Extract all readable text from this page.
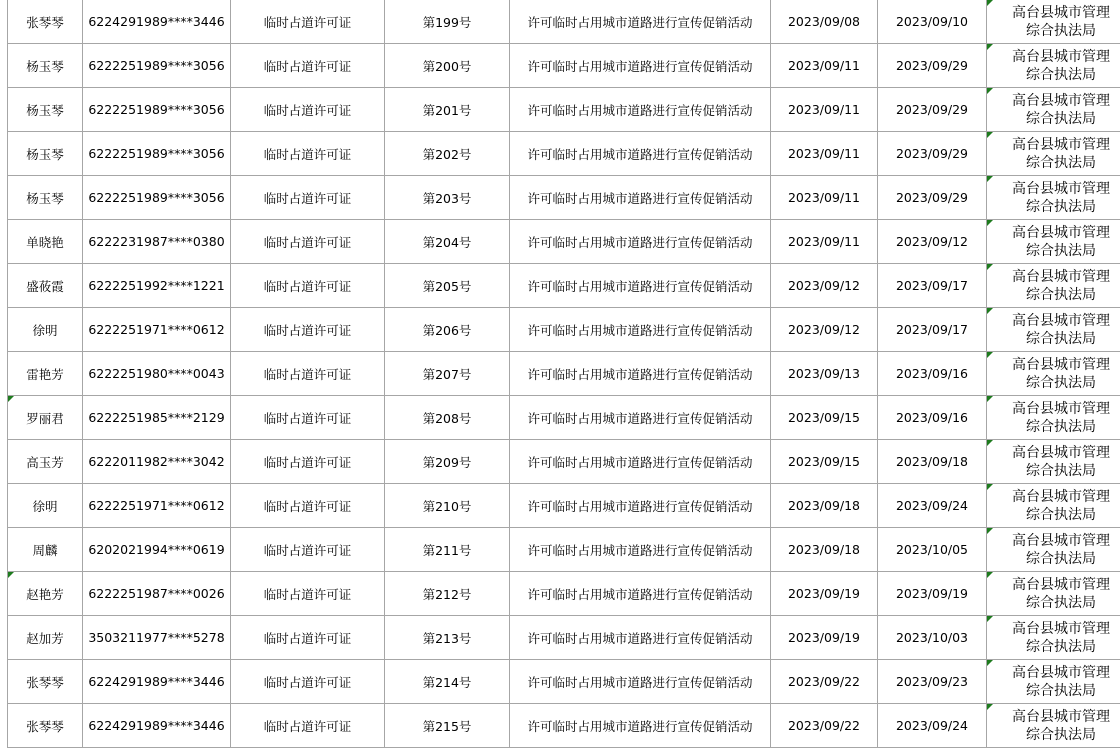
张琴琴	6224291989****3446	临时占道许可证	第199号	许可临时占用城市道路进行宣传促销活动	2023/09/08	2023/09/10	高台县城市管理
综合执法局

杨玉琴	6222251989****3056	临时占道许可证	第200号	许可临时占用城市道路进行宣传促销活动	2023/09/11	2023/09/29	高台县城市管理
综合执法局

杨玉琴	6222251989****3056	临时占道许可证	第201号	许可临时占用城市道路进行宣传促销活动	2023/09/11	2023/09/29	高台县城市管理
综合执法局

杨玉琴	6222251989****3056	临时占道许可证	第202号	许可临时占用城市道路进行宣传促销活动	2023/09/11	2023/09/29	高台县城市管理
综合执法局

杨玉琴	6222251989****3056	临时占道许可证	第203号	许可临时占用城市道路进行宣传促销活动	2023/09/11	2023/09/29	高台县城市管理
综合执法局

单晓艳	6222231987****0380	临时占道许可证	第204号	许可临时占用城市道路进行宣传促销活动	2023/09/11	2023/09/12	高台县城市管理
综合执法局

盛莜霞	6222251992****1221	临时占道许可证	第205号	许可临时占用城市道路进行宣传促销活动	2023/09/12	2023/09/17	高台县城市管理
综合执法局

徐明	6222251971****0612	临时占道许可证	第206号	许可临时占用城市道路进行宣传促销活动	2023/09/12	2023/09/17	高台县城市管理
综合执法局

雷艳芳	6222251980****0043	临时占道许可证	第207号	许可临时占用城市道路进行宣传促销活动	2023/09/13	2023/09/16	高台县城市管理
综合执法局

罗丽君	6222251985****2129	临时占道许可证	第208号	许可临时占用城市道路进行宣传促销活动	2023/09/15	2023/09/16	高台县城市管理
综合执法局

高玉芳	6222011982****3042	临时占道许可证	第209号	许可临时占用城市道路进行宣传促销活动	2023/09/15	2023/09/18	高台县城市管理
综合执法局

徐明	6222251971****0612	临时占道许可证	第210号	许可临时占用城市道路进行宣传促销活动	2023/09/18	2023/09/24	高台县城市管理
综合执法局

周麟	6202021994****0619	临时占道许可证	第211号	许可临时占用城市道路进行宣传促销活动	2023/09/18	2023/10/05	高台县城市管理
综合执法局

赵艳芳	6222251987****0026	临时占道许可证	第212号	许可临时占用城市道路进行宣传促销活动	2023/09/19	2023/09/19	高台县城市管理
综合执法局

赵加芳	3503211977****5278	临时占道许可证	第213号	许可临时占用城市道路进行宣传促销活动	2023/09/19	2023/10/03	高台县城市管理
综合执法局

张琴琴	6224291989****3446	临时占道许可证	第214号	许可临时占用城市道路进行宣传促销活动	2023/09/22	2023/09/23	高台县城市管理
综合执法局

张琴琴	6224291989****3446	临时占道许可证	第215号	许可临时占用城市道路进行宣传促销活动	2023/09/22	2023/09/24	高台县城市管理
综合执法局
